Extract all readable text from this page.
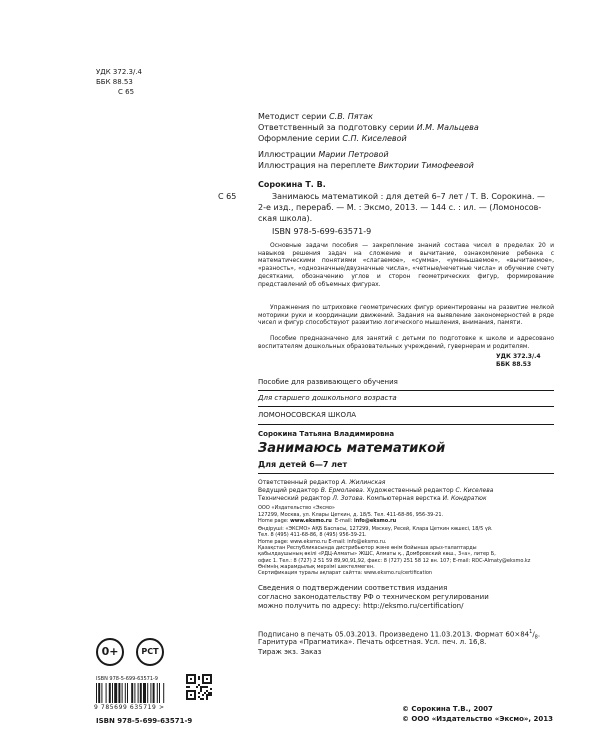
УДК 372.3/.4
ББК 88.53
С 65
Методист серии С.В. Пятак
Ответственный за подготовку серии И.М. Мальцева
Оформление серии С.П. Киселевой
Иллюстрации Марии Петровой
Иллюстрация на переплете Виктории Тимофеевой
С 65
Сорокина Т. В.
Занимаюсь математикой : для детей 6–7 лет / Т. В. Сорокина. —
2-е изд., перераб. — М. : Эксмо, 2013. — 144 с. : ил. — (Ломоносов-
ская школа).
ISBN 978-5-699-63571-9
Основные задачи пособия — закрепление знаний состава чисел в пределах 20 и навыков решения задач на сложение и вычитание, ознакомление ребенка с математическими понятиями «слагаемое», «сумма», «уменьшаемое», «вычитаемое», «разность», «однозначные/двузначные числа», «четные/нечетные числа» и обучение счету десятками, обозначению углов и сторон геометрических фигур, формирование представлений об объемных фигурах.
Упражнения по штриховке геометрических фигур ориентированы на развитие мелкой моторики руки и координации движений. Задания на выявление закономерностей в ряде чисел и фигур способствуют развитию логического мышления, внимания, памяти.
Пособие предназначено для занятий с детьми по подготовке к школе и адресовано воспитателям дошкольных образовательных учреждений, гувернерам и родителям.
УДК 372.3/.4
ББК 88.53
Пособие для развивающего обучения
Для старшего дошкольного возраста
ЛОМОНОСОВСКАЯ ШКОЛА
Сорокина Татьяна Владимировна
Занимаюсь математикой
Для детей 6—7 лет
Ответственный редактор А. Жилинская
Ведущий редактор В. Ермолаева. Художественный редактор С. Киселева
Технический редактор Л. Зотова. Компьютерная верстка И. Кондратюк
ООО «Издательство «Эксмо»
127299, Москва, ул. Клары Цеткин, д. 18/5. Тел. 411-68-86, 956-39-21.
Home page: www.eksmo.ru E-mail: info@eksmo.ru
Өндіруші: «ЭКСМО» АҚБ Баспасы, 127299, Мәскеу, Ресей, Клара Цеткин көшесі, 18/5 үй.
Тел. 8 (495) 411-68-86, 8 (495) 956-39-21.
Home page: www.eksmo.ru E-mail: info@eksmo.ru.
Қазақстан Республикасында дистрибьютор және өнім бойынша арыз-талаптарды
қабылдаушының өкілі «РДЦ-Алматы» ЖШС, Алматы қ., Домбровский көш., 3«а», литер Б,
офис 1. Тел.: 8 (727) 2 51 59 89,90,91,92, факс: 8 (727) 251 58 12 вн. 107; E-mail: RDC-Almaty@eksmo.kz
Өнімнің жарамдылық мерзімі шектелмеген.
Сертификация туралы ақпарат сайтта: www.eksmo.ru/certification
Сведения о подтверждении соответствия издания
согласно законодательству РФ о техническом регулировании
можно получить по адресу: http://eksmo.ru/certification/
Подписано в печать 05.03.2013. Произведено 11.03.2013. Формат $60\times 84^1/_8$.
Гарнитура «Прагматика». Печать офсетная. Усл. печ. л. 16,8.
Тираж экз. Заказ
0+	РСТ
ISBN 978-5-699-63571-9
9 785699 635719 >
ISBN 978-5-699-63571-9
© Сорокина Т.В., 2007
© ООО «Издательство «Эксмо», 2013
